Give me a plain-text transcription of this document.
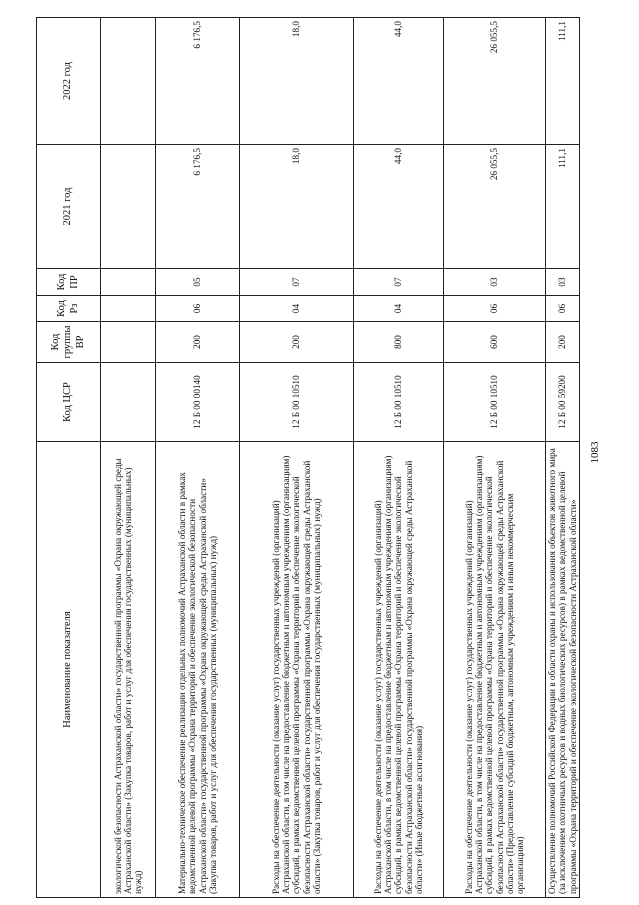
1083
Наименование показателя	Код ЦСР	Код группы ВР	Код Рз	Код ПР	2021 год	2022 год
экологической безопасности Астраханской области» государственной программы «Охрана окружающей среды Астраханской области» (Закупка товаров, работ и услуг для обеспечения государственных (муниципальных) нужд)						
Материально-техническое обеспечение реализации отдельных полномочий Астраханской области в рамках ведомственной целевой программы «Охрана территорий и обеспечение экологической безопасности Астраханской области» государственной программы «Охрана окружающей среды Астраханской области» (Закупка товаров, работ и услуг для обеспечения государственных (муниципальных) нужд)	12 Б 00 00140	200	06	05	6 176,5	6 176,5
Расходы на обеспечение деятельности (оказание услуг) государственных учреждений (организаций) Астраханской области, в том числе на предоставление бюджетным и автономным учреждениям (организациям) субсидий, в рамках ведомственной целевой программы «Охрана территорий и обеспечение экологической безопасности Астраханской области» государственной программы «Охрана окружающей среды Астраханской области» (Закупка товаров, работ и услуг для обеспечения государственных (муниципальных) нужд)	12 Б 00 10510	200	04	07	18,0	18,0
Расходы на обеспечение деятельности (оказание услуг) государственных учреждений (организаций) Астраханской области, в том числе на предоставление бюджетным и автономным учреждениям (организациям) субсидий, в рамках ведомственной целевой программы «Охрана территорий и обеспечение экологической безопасности Астраханской области» государственной программы «Охрана окружающей среды Астраханской области» (Иные бюджетные ассигнования)	12 Б 00 10510	800	04	07	44,0	44,0
Расходы на обеспечение деятельности (оказание услуг) государственных учреждений (организаций) Астраханской области, в том числе на предоставление бюджетным и автономным учреждениям (организациям) субсидий, в рамках ведомственной целевой программы «Охрана территорий и обеспечение экологической безопасности Астраханской области» государственной программы «Охрана окружающей среды Астраханской области» (Предоставление субсидий бюджетным, автономным учреждениям и иным некоммерческим организациям)	12 Б 00 10510	600	06	03	26 055,5	26 055,5
Осуществление полномочий Российской Федерации в области охраны и использования объектов животного мира (за исключением охотничьих ресурсов и водных биологических ресурсов) в рамках ведомственной целевой программы «Охрана территорий и обеспечение экологической безопасности Астраханской области»	12 Б 00 59200	200	06	03	111,1	111,1
